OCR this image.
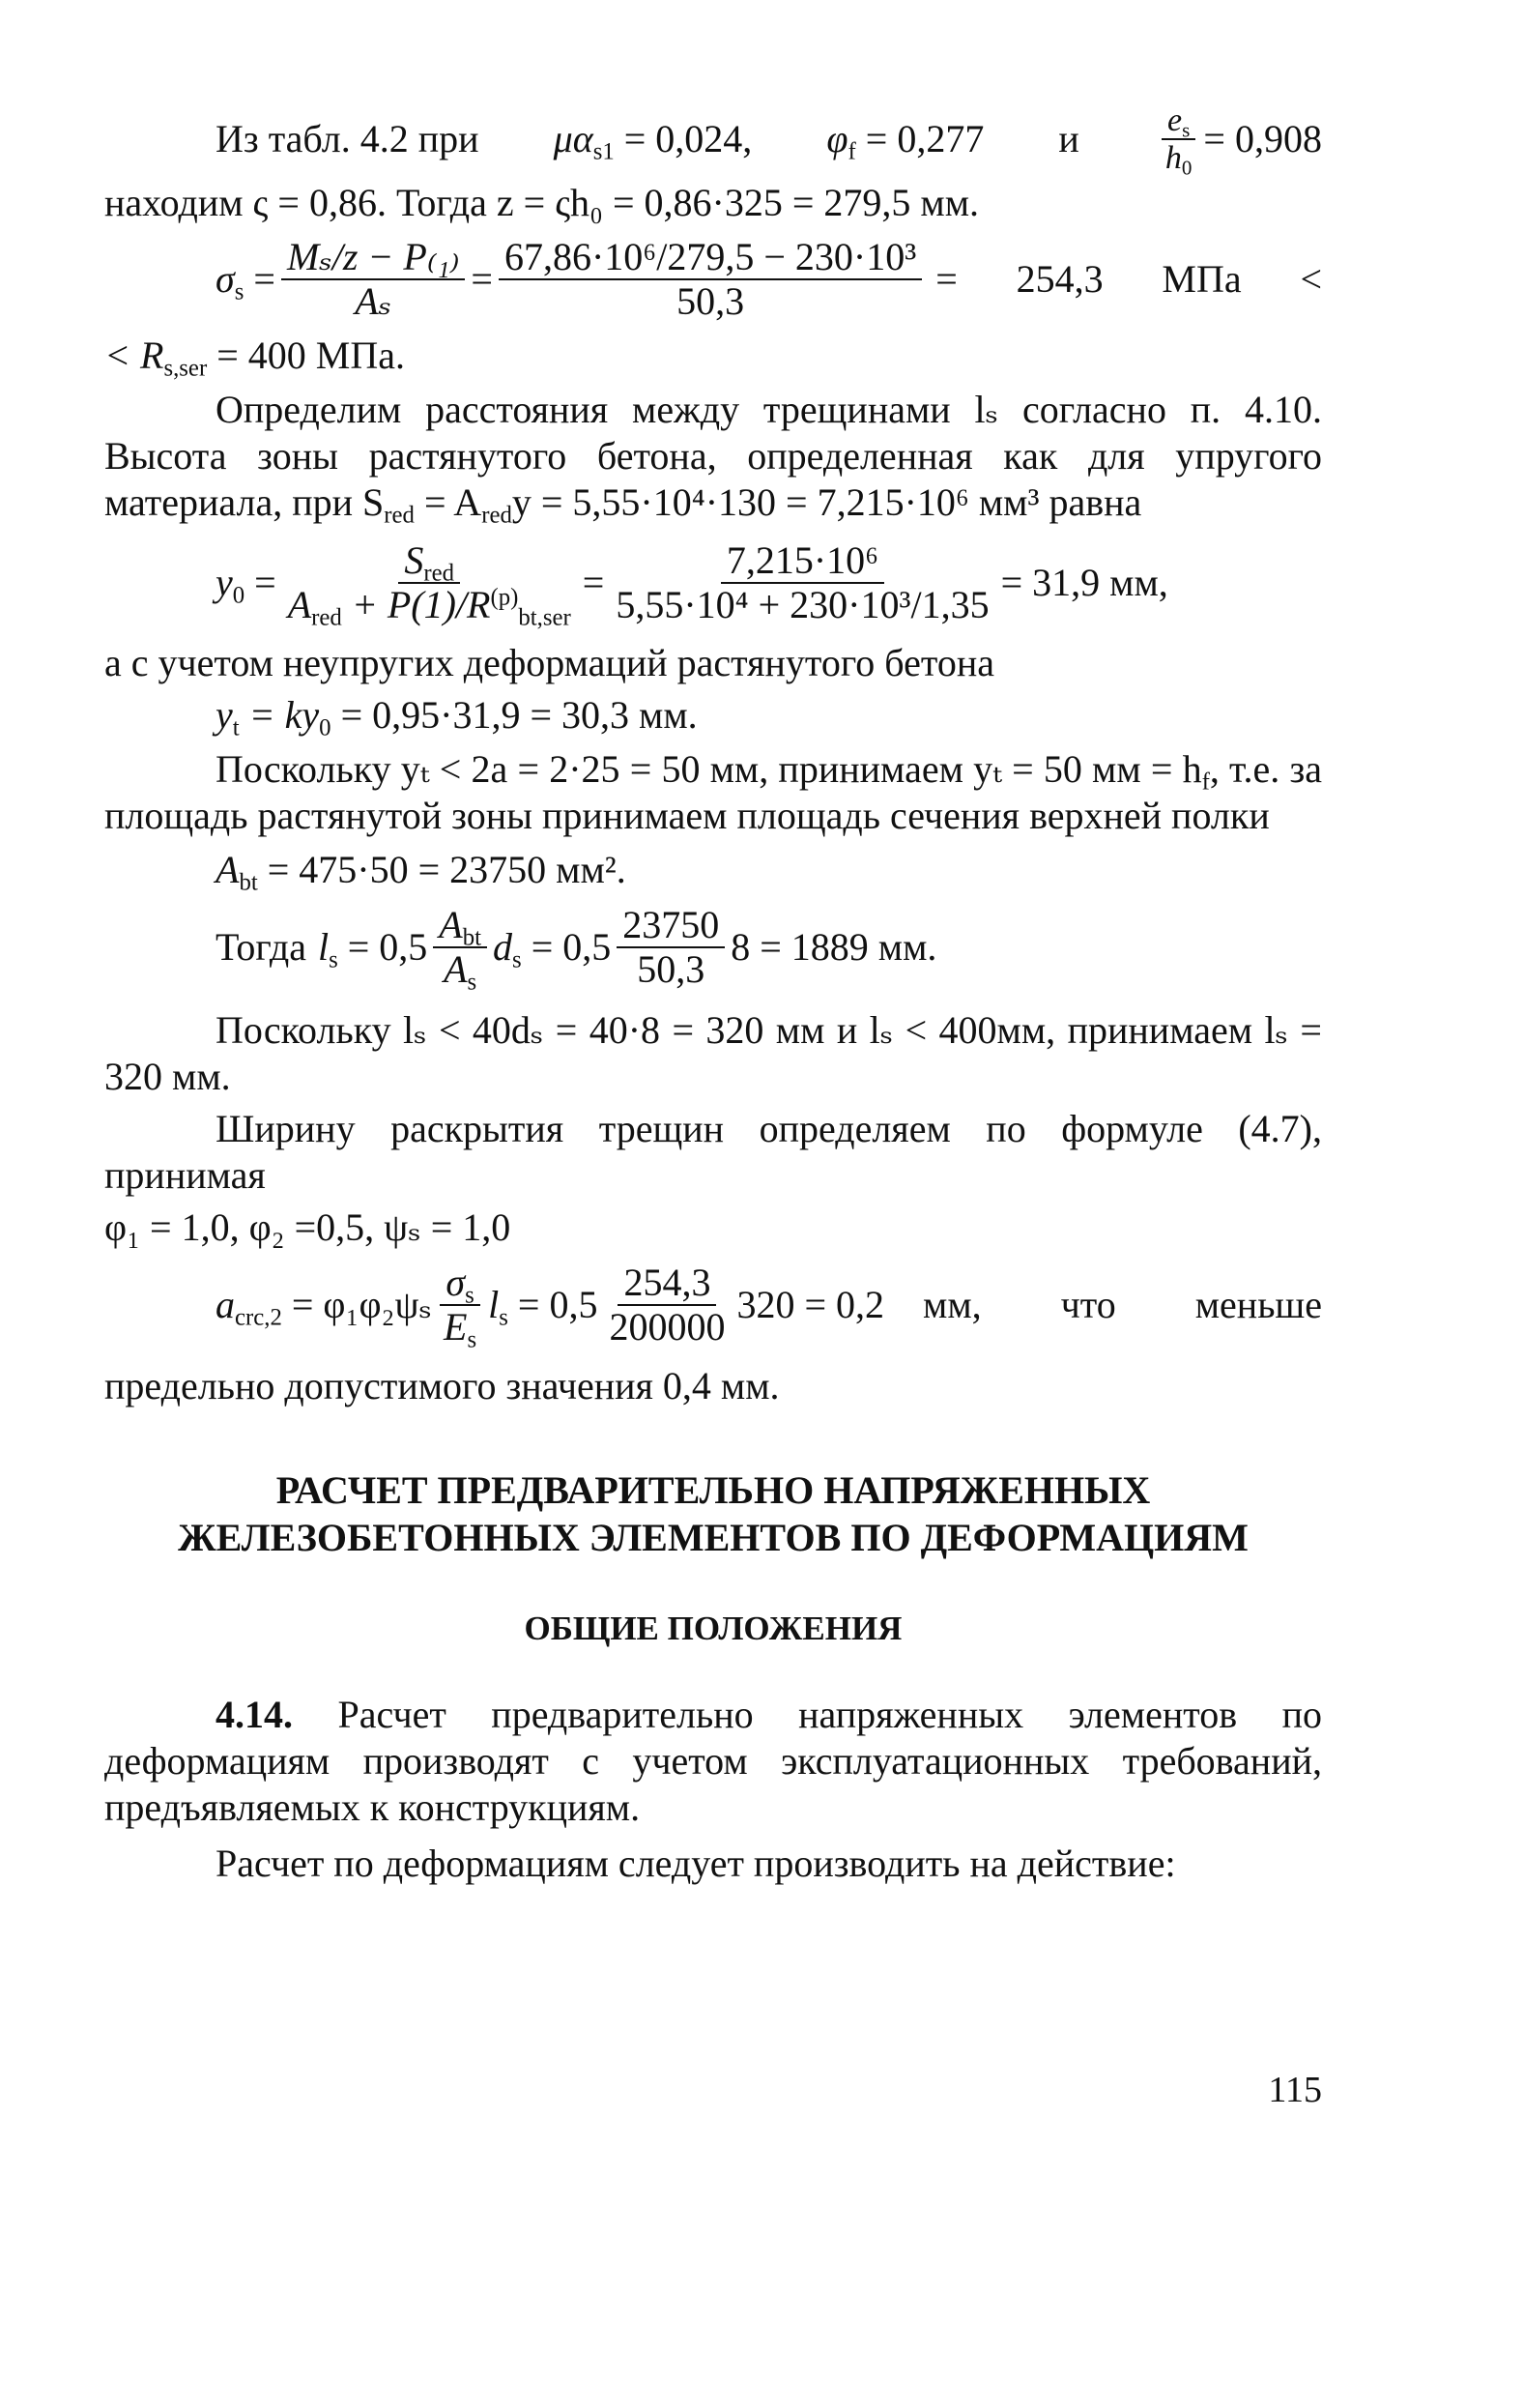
Из табл. 4.2 при $\mu\alpha_{s1} = 0,024$, $\varphi_f = 0,277$ и $\frac{e_s}{h_0} = 0,908$

находим ς = 0,86. Тогда z = ςh₀ = 0,86·325 = 279,5 мм.

$\sigma_s = \frac{\text{Mₛ/z − P₍₁₎}}{\text{Aₛ}} = \frac{\text{67,86·10⁶/279,5 − 230·10³}}{50,3} = 254,3$ МПа <

< $R_{s,ser} = 400$ МПа.

Определим расстояния между трещинами lₛ согласно п. 4.10. Высота зоны растянутого бетона, определенная как для упругого материала, при $S_{red} = A_{red}y = 5,55\cdot 10^4\cdot 130 = 7,215\cdot 10^6$ мм³ равна

$y_0$ =
$S_{red}$
$A_{red} + P(1)/R^{(p)}_{bt,ser}$
= $\frac{\text{7,215·10⁶}}{\text{5,55·10⁴ + 230·10³/1,35}} = 31,9$ мм,

а с учетом неупругих деформаций растянутого бетона

$y_t = ky_0 = 0,95\cdot 31,9 = 30,3$ мм.

Поскольку yₜ < 2a = 2·25 = 50 мм, принимаем yₜ = 50 мм = $h_f$, т.е. за площадь растянутой зоны принимаем площадь сечения верхней полки

$A_{bt} = 475\cdot 50 = 23750$ мм².

Тогда $l_s = 0,5$
$A_{bt}$
$A_s$
$d_s = 0,5$
23750
50,3
8 = 1889 мм.

Поскольку lₛ < 40dₛ = 40·8 = 320 мм и lₛ < 400мм, принимаем lₛ = 320 мм.

Ширину раскрытия трещин определяем по формуле (4.7), принимая

φ₁ = 1,0, φ₂ =0,5, ψₛ = 1,0

$a_{crc,2} = \varphi_1\varphi_2\psi_s$
$\sigma_s$
$E_s$
$l_s = 0,5$
254,3
200000
320 = 0,2 мм, что меньше

предельно допустимого значения 0,4 мм.

РАСЧЕТ ПРЕДВАРИТЕЛЬНО НАПРЯЖЕННЫХ ЖЕЛЕЗОБЕТОННЫХ ЭЛЕМЕНТОВ ПО ДЕФОРМАЦИЯМ

ОБЩИЕ ПОЛОЖЕНИЯ

4.14. Расчет предварительно напряженных элементов по деформациям производят с учетом эксплуатационных требований, предъявляемых к конструкциям.

Расчет по деформациям следует производить на действие:

115
